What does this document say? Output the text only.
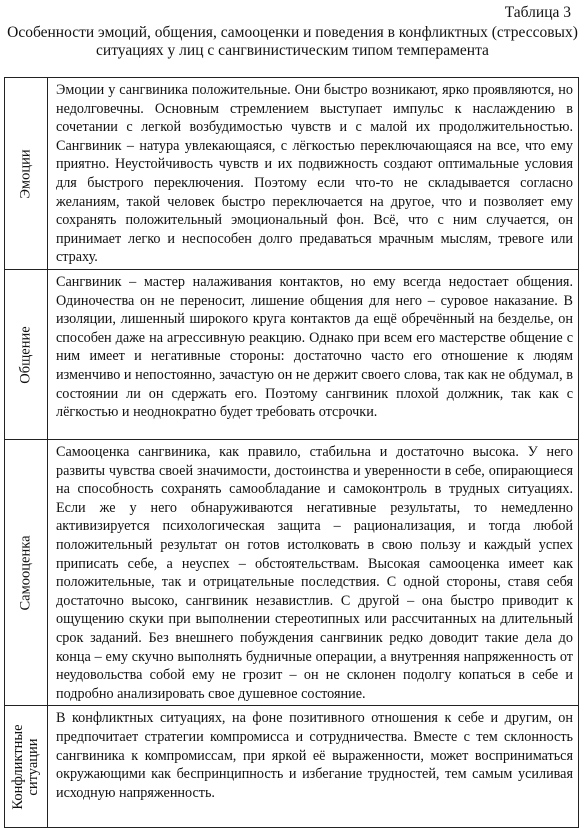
Таблица 3
Особенности эмоций, общения, самооценки и поведения в конфликтных (стрессовых) ситуациях у лиц с сангвинистическим типом темперамента
Эмоции	Эмоции у сангвиника положительные. Они быстро возникают, ярко проявляются, но недолговечны. Основным стремлением выступает импульс к наслаждению в сочетании с легкой возбудимостью чувств и с малой их продолжительностью. Сангвиник – натура увлекающаяся, с лёгкостью переключающаяся на все, что ему приятно. Неустойчивость чувств и их подвижность создают оптимальные условия для быстрого переключения. Поэтому если что-то не складывается согласно желаниям, такой человек быстро переключается на другое, что и позволяет ему сохранять положительный эмоциональный фон. Всё, что с ним случается, он принимает легко и неспособен долго предаваться мрачным мыслям, тревоге или страху.

Общение	Сангвиник – мастер налаживания контактов, но ему всегда недостает общения. Одиночества он не переносит, лишение общения для него – суровое наказание. В изоляции, лишенный широкого круга контактов да ещё обречённый на безделье, он способен даже на агрессивную реакцию. Однако при всем его мастерстве общение с ним имеет и негативные стороны: достаточно часто его отношение к людям изменчиво и непостоянно, зачастую он не держит своего слова, так как не обдумал, в состоянии ли он сдержать его. Поэтому сангвиник плохой должник, так как с лёгкостью и неоднократно будет требовать отсрочки.

Самооценка	Самооценка сангвиника, как правило, стабильна и достаточно высока. У него развиты чувства своей значимости, достоинства и уверенности в себе, опирающиеся на способность сохранять самообладание и самоконтроль в трудных ситуациях. Если же у него обнаруживаются негативные результаты, то немедленно активизируется психологическая защита – рационализация, и тогда любой положительный результат он готов истолковать в свою пользу и каждый успех приписать себе, а неуспех – обстоятельствам. Высокая самооценка имеет как положительные, так и отрицательные последствия. С одной стороны, ставя себя достаточно высоко, сангвиник независтлив. С другой – она быстро приводит к ощущению скуки при выполнении стереотипных или рассчитанных на длительный срок заданий. Без внешнего побуждения сангвиник редко доводит такие дела до конца – ему скучно выполнять будничные операции, а внутренняя напряженность от неудовольства собой ему не грозит – он не склонен подолгу копаться в себе и подробно анализировать свое душевное состояние.

Конфликтные
ситуации	В конфликтных ситуациях, на фоне позитивного отношения к себе и другим, он предпочитает стратегии компромисса и сотрудничества. Вместе с тем склонность сангвиника к компромиссам, при яркой её выраженности, может восприниматься окружающими как беспринципность и избегание трудностей, тем самым усиливая исходную напряженность.
